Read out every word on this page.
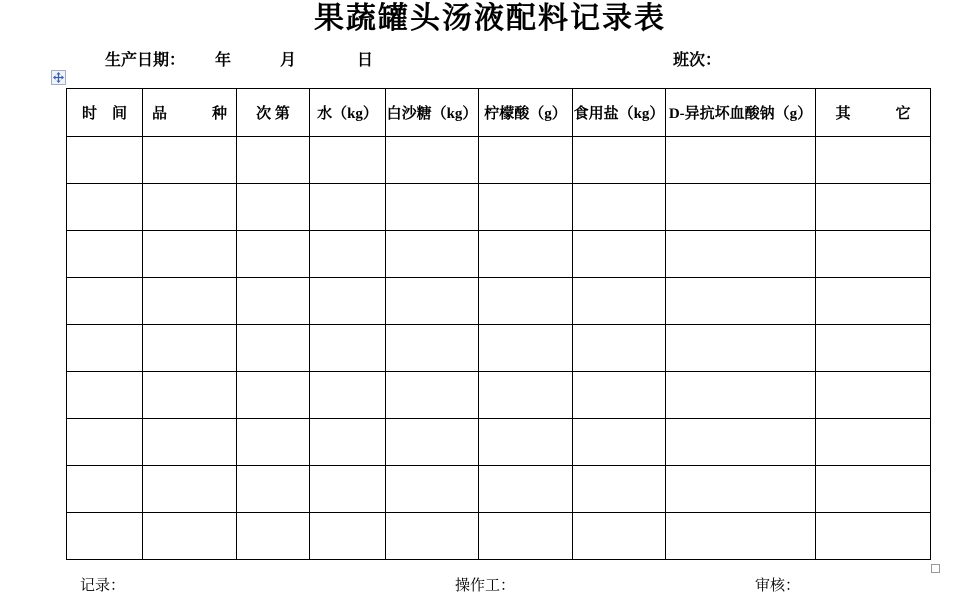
果蔬罐头汤液配料记录表
生产日期： 年	月	日	班次：
时　间	品　　　种	次 第	水（kg）	白沙糖（kg）	柠檬酸（g）	食用盐（kg）	D-异抗坏血酸钠（g）	其　　　它

记录：	操作工：	审核：
